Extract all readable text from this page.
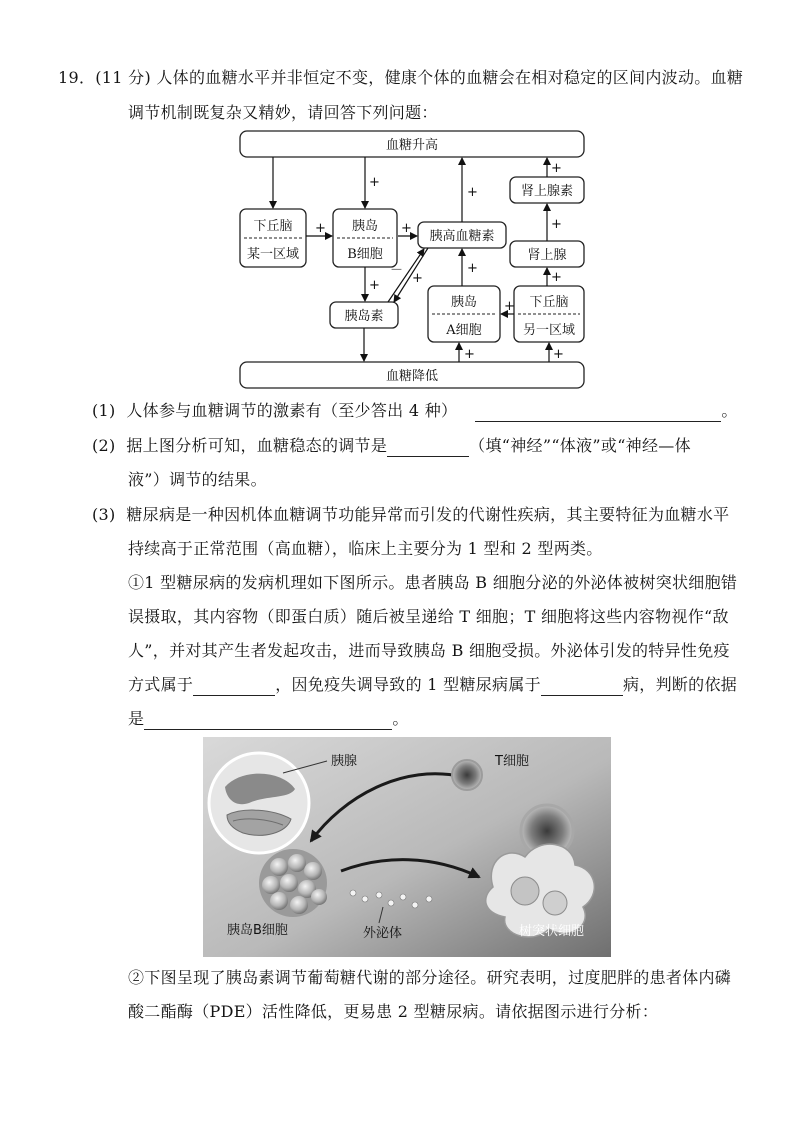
19．(11 分) 人体的血糖水平并非恒定不变，健康个体的血糖会在相对稳定的区间内波动。血糖
调节机制既复杂又精妙，请回答下列问题：
血糖升高
血糖降低
下丘脑
某一区域
胰岛
B细胞
胰高血糖素
肾上腺素
肾上腺
胰岛素
胰岛
A细胞
下丘脑
另一区域
+
+
+
+
－
+
+
+
+
+
+
+
+	+
(1) 人体参与血糖调节的激素有（至少答出 4 种）	。
(2) 据上图分析可知，血糖稳态的调节是	（填“神经”“体液”或“神经—体
液”）调节的结果。
(3) 糖尿病是一种因机体血糖调节功能异常而引发的代谢性疾病，其主要特征为血糖水平
持续高于正常范围（高血糖），临床上主要分为 1 型和 2 型两类。
①1 型糖尿病的发病机理如下图所示。患者胰岛 B 细胞分泌的外泌体被树突状细胞错
误摄取，其内容物（即蛋白质）随后被呈递给 T 细胞；T 细胞将这些内容物视作“敌
人”，并对其产生者发起攻击，进而导致胰岛 B 细胞受损。外泌体引发的特异性免疫
方式属于	，因免疫失调导致的 1 型糖尿病属于	病，判断的依据
是	。
胰腺
胰岛B细胞	外泌体
T细胞
树突状细胞
②下图呈现了胰岛素调节葡萄糖代谢的部分途径。研究表明，过度肥胖的患者体内磷
酸二酯酶（PDE）活性降低，更易患 2 型糖尿病。请依据图示进行分析：
